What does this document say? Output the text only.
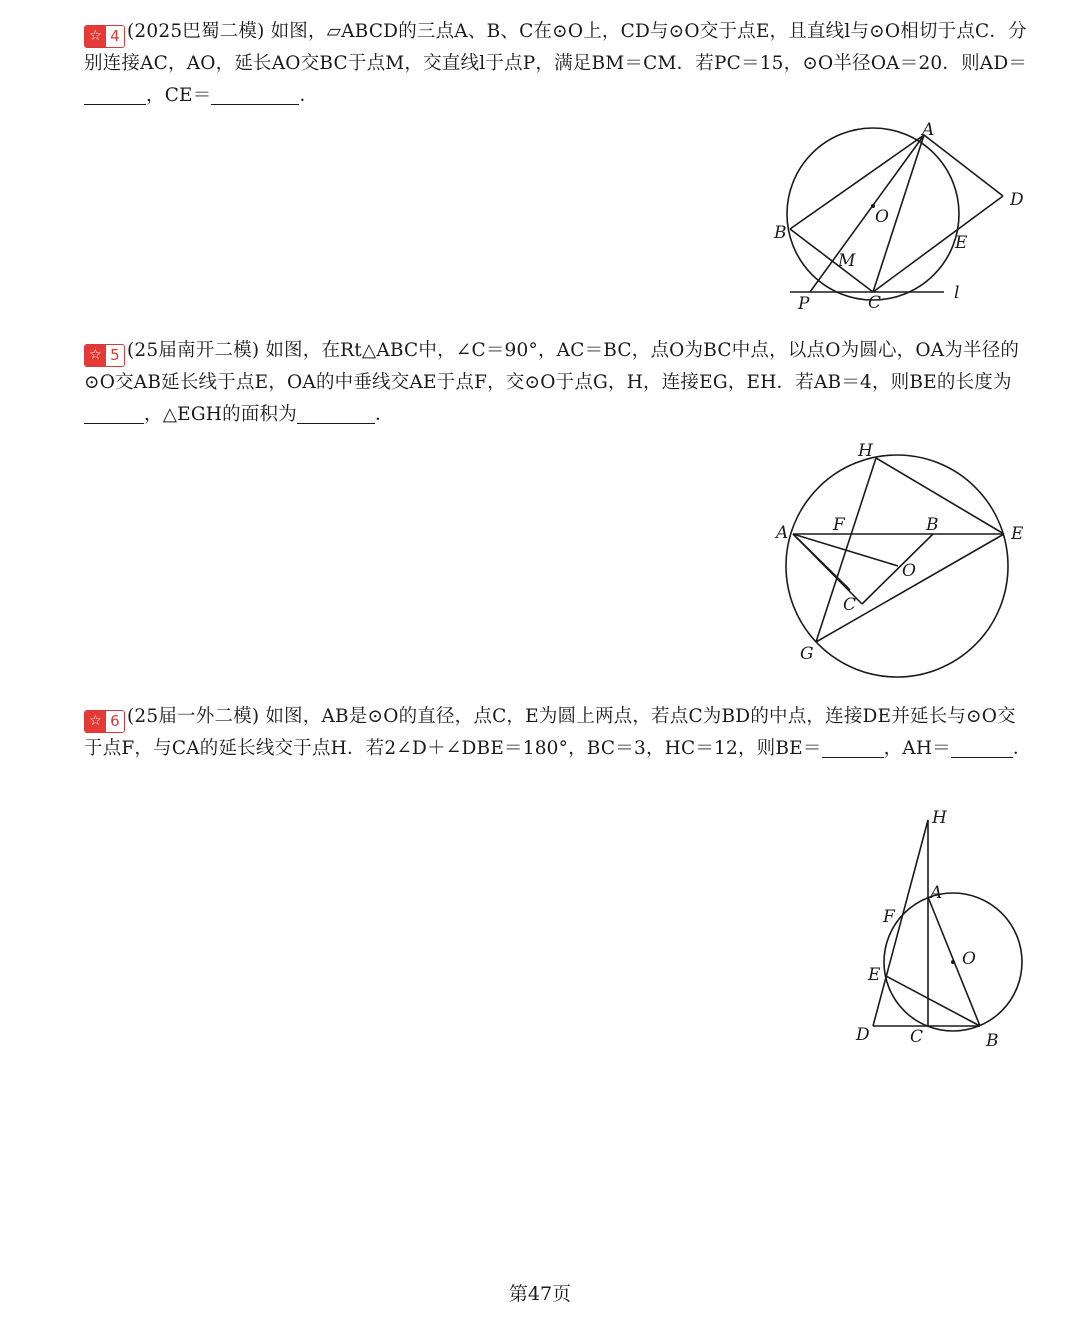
☆ 4 (2025巴蜀二模) 如图，▱ABCD的三点A、B、C在⊙O上，CD与⊙O交于点E，且直线l与⊙O相切于点C．分别连接AC，AO，延长AO交BC于点M，交直线l于点P，满足BM＝CM．若PC＝15，⊙O半径OA＝20．则AD＝，CE＝	．
A
B
C
D
E
O
M
P
l
☆ 5 (25届南开二模) 如图，在Rt△ABC中，∠C＝90°，AC＝BC，点O为BC中点，以点O为圆心，OA为半径的⊙O交AB延长线于点E，OA的中垂线交AE于点F，交⊙O于点G，H，连接EG，EH．若AB＝4，则BE的长度为，△EGH的面积为	．
H
A	F	B	E
O
C
G
☆ 6 (25届一外二模) 如图，AB是⊙O的直径，点C，E为圆上两点，若点C为BD的中点，连接DE并延长与⊙O交于点F，与CA的延长线交于点H．若2∠D＋∠DBE＝180°，BC＝3，HC＝12，则BE＝	，AH＝	．
H
A
F
O
E
D C	B
第47页
